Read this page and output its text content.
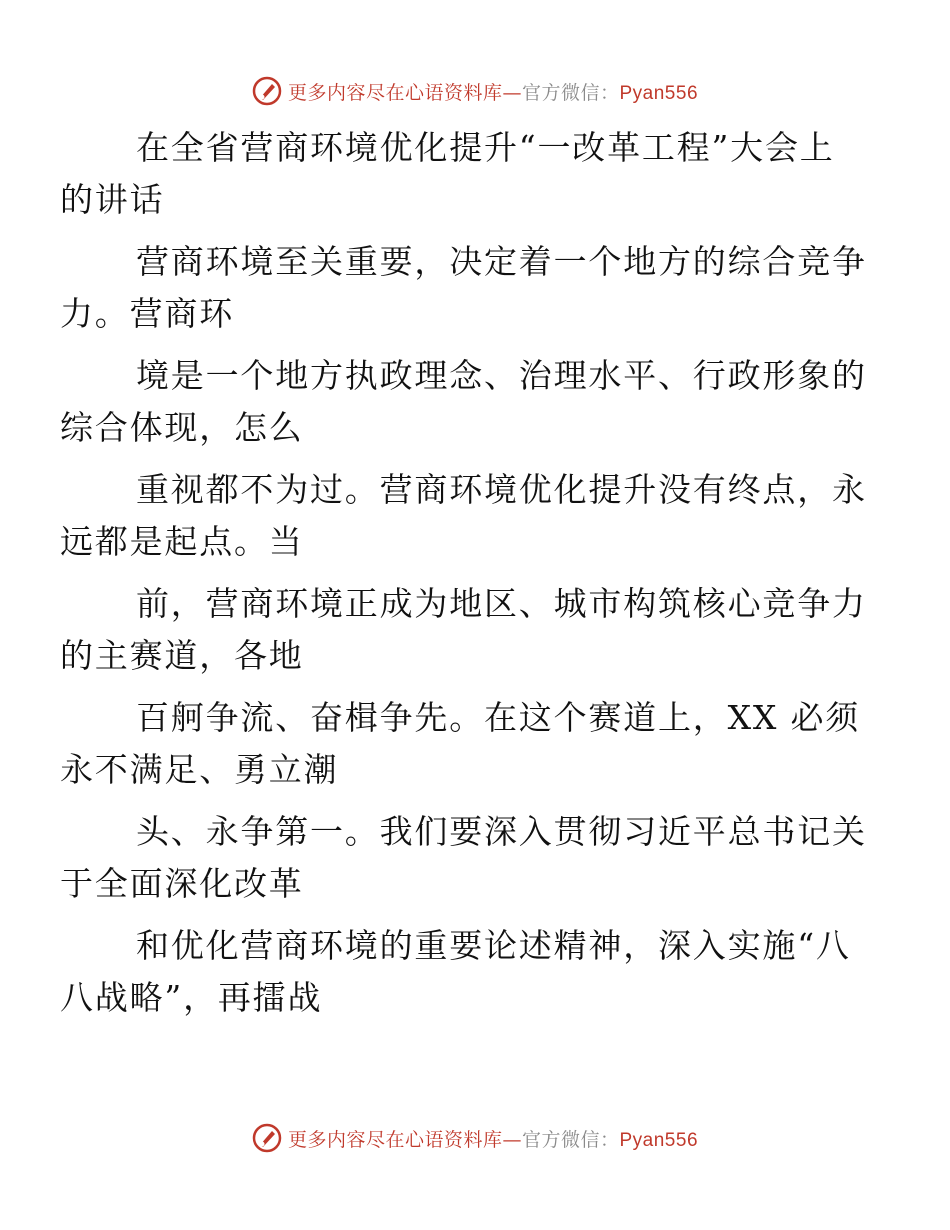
更多内容尽在心语资料库—官方微信：Pyan556

在全省营商环境优化提升“一改革工程”大会上
的讲话

营商环境至关重要，决定着一个地方的综合竞争
力。营商环

境是一个地方执政理念、治理水平、行政形象的
综合体现，怎么

重视都不为过。营商环境优化提升没有终点，永
远都是起点。当

前，营商环境正成为地区、城市构筑核心竞争力
的主赛道，各地

百舸争流、奋楫争先。在这个赛道上，XX 必须
永不满足、勇立潮

头、永争第一。我们要深入贯彻习近平总书记关
于全面深化改革

和优化营商环境的重要论述精神，深入实施“八
八战略”，再擂战

更多内容尽在心语资料库—官方微信：Pyan556
